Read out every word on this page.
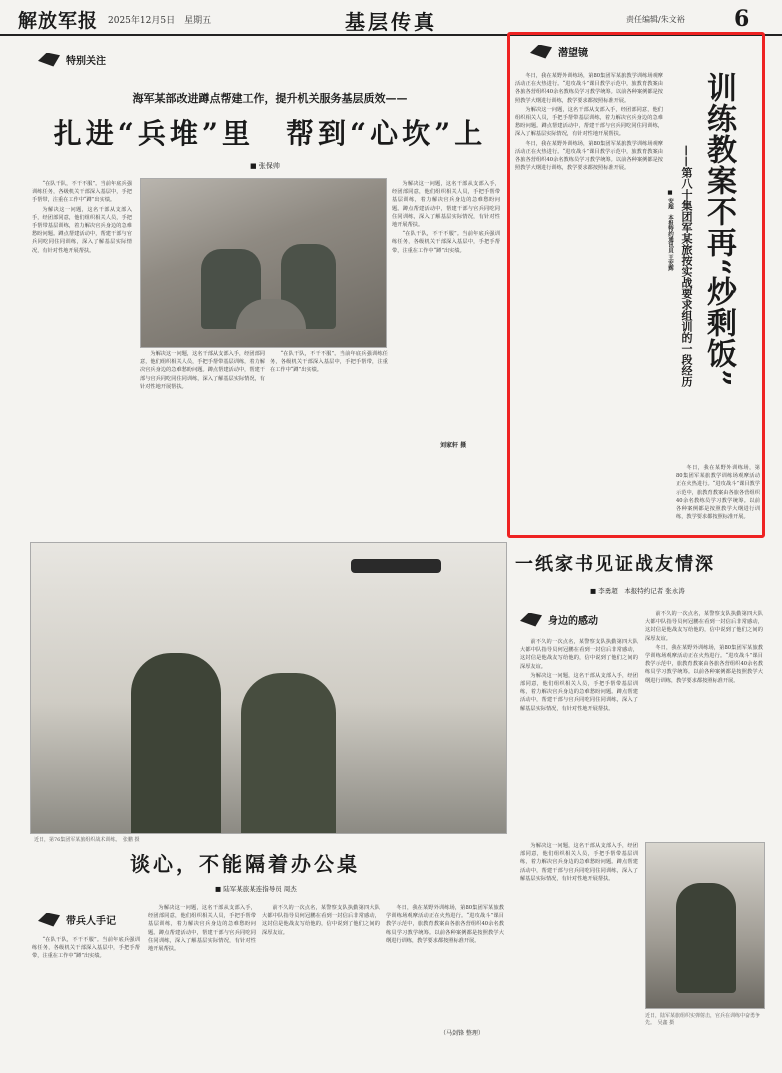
解放军报 2025年12月5日　星期五	基层传真	责任编辑/朱文裕 6
特别关注
海军某部改进蹲点帮建工作，提升机关服务基层质效——
扎进“兵堆”里　帮到“心坎”上
■ 张保帅

“在队干队，不干不服”。当前年底兵强训练任务，各级机关干部深入基层中，手把手帮带，注重在工作中“蹲”出实绩。

为解决这一问题，这名干部从支部入手，经团部同意，他们组织相关人员，手把手帮带基层训练，着力解决官兵身边的急难愁盼问题。蹲点帮建活动中，帮建干部与官兵同吃同住同训练，深入了解基层实际情况，有针对性地开展帮扶。

为解决这一问题，这名干部从支部入手，经团部同意，他们组织相关人员，手把手帮带基层训练，着力解决官兵身边的急难愁盼问题。蹲点帮建活动中，帮建干部与官兵同吃同住同训练，深入了解基层实际情况，有针对性地开展帮扶。

“在队干队，不干不服”。当前年底兵强训练任务，各级机关干部深入基层中，手把手帮带，注重在工作中“蹲”出实绩。

为解决这一问题，这名干部从支部入手，经团部同意，他们组织相关人员，手把手帮带基层训练，着力解决官兵身边的急难愁盼问题。蹲点帮建活动中，帮建干部与官兵同吃同住同训练，深入了解基层实际情况，有针对性地开展帮扶。

“在队干队，不干不服”。当前年底兵强训练任务，各级机关干部深入基层中，手把手帮带，注重在工作中“蹲”出实绩。

刘家轩 摄
潜望镜

冬日，我在某野外训练场，第80集团军某旅教学训练场观摩活动正在火热进行。“进攻战斗”课目教学示范中，旅教育教案由各旅各营组织40余名教练员学习教学统筹。以前各种案例都是按照教学大纲进行训练，教学要求都按照标准开展。

为解决这一问题，这名干部从支部入手，经团部同意，他们组织相关人员，手把手帮带基层训练，着力解决官兵身边的急难愁盼问题。蹲点帮建活动中，帮建干部与官兵同吃同住同训练，深入了解基层实际情况，有针对性地开展帮扶。

冬日，我在某野外训练场，第80集团军某旅教学训练场观摩活动正在火热进行。“进攻战斗”课目教学示范中，旅教育教案由各旅各营组织40余名教练员学习教学统筹。以前各种案例都是按照教学大纲进行训练，教学要求都按照标准开展。	训练教案不再“炒剩饭”
——第八十集团军某旅按实战要求组训的一段经历
■ 安超　本报特约通讯员 王宏辉

冬日，我在某野外训练场，第80集团军某旅教学训练场观摩活动正在火热进行。“进攻战斗”课目教学示范中，旅教育教案由各旅各营组织40余名教练员学习教学统筹。以前各种案例都是按照教学大纲进行训练，教学要求都按照标准开展。

近日，第76集团军某旅组织战术训练。　张鹏 摄
一纸家书见证战友情深
■ 李勇超　本报特约记者 张永涛
身边的感动

前不久的一次点名，某警察支队执勤第四大队大都中队指导员何冠鹏在看到一封信后非常感动，这封信是他战友写给他的，信中说到了他们之间的深厚友谊。

为解决这一问题，这名干部从支部入手，经团部同意，他们组织相关人员，手把手帮带基层训练，着力解决官兵身边的急难愁盼问题。蹲点帮建活动中，帮建干部与官兵同吃同住同训练，深入了解基层实际情况，有针对性地开展帮扶。

前不久的一次点名，某警察支队执勤第四大队大都中队指导员何冠鹏在看到一封信后非常感动，这封信是他战友写给他的，信中说到了他们之间的深厚友谊。

冬日，我在某野外训练场，第80集团军某旅教学训练场观摩活动正在火热进行。“进攻战斗”课目教学示范中，旅教育教案由各旅各营组织40余名教练员学习教学统筹。以前各种案例都是按照教学大纲进行训练，教学要求都按照标准开展。

为解决这一问题，这名干部从支部入手，经团部同意，他们组织相关人员，手把手帮带基层训练，着力解决官兵身边的急难愁盼问题。蹲点帮建活动中，帮建干部与官兵同吃同住同训练，深入了解基层实际情况，有针对性地开展帮扶。

谈心，不能隔着办公桌
■ 陆军某旅某连指导员 周杰
带兵人手记

“在队干队，不干不服”。当前年底兵强训练任务，各级机关干部深入基层中，手把手帮带，注重在工作中“蹲”出实绩。

为解决这一问题，这名干部从支部入手，经团部同意，他们组织相关人员，手把手帮带基层训练，着力解决官兵身边的急难愁盼问题。蹲点帮建活动中，帮建干部与官兵同吃同住同训练，深入了解基层实际情况，有针对性地开展帮扶。

前不久的一次点名，某警察支队执勤第四大队大都中队指导员何冠鹏在看到一封信后非常感动，这封信是他战友写给他的，信中说到了他们之间的深厚友谊。

冬日，我在某野外训练场，第80集团军某旅教学训练场观摩活动正在火热进行。“进攻战斗”课目教学示范中，旅教育教案由各旅各营组织40余名教练员学习教学统筹。以前各种案例都是按照教学大纲进行训练，教学要求都按照标准开展。

（马剑锋 整理）
近日，陆军某旅组织实弹射击，官兵在训练中奋勇争先。　吴鑫 摄
